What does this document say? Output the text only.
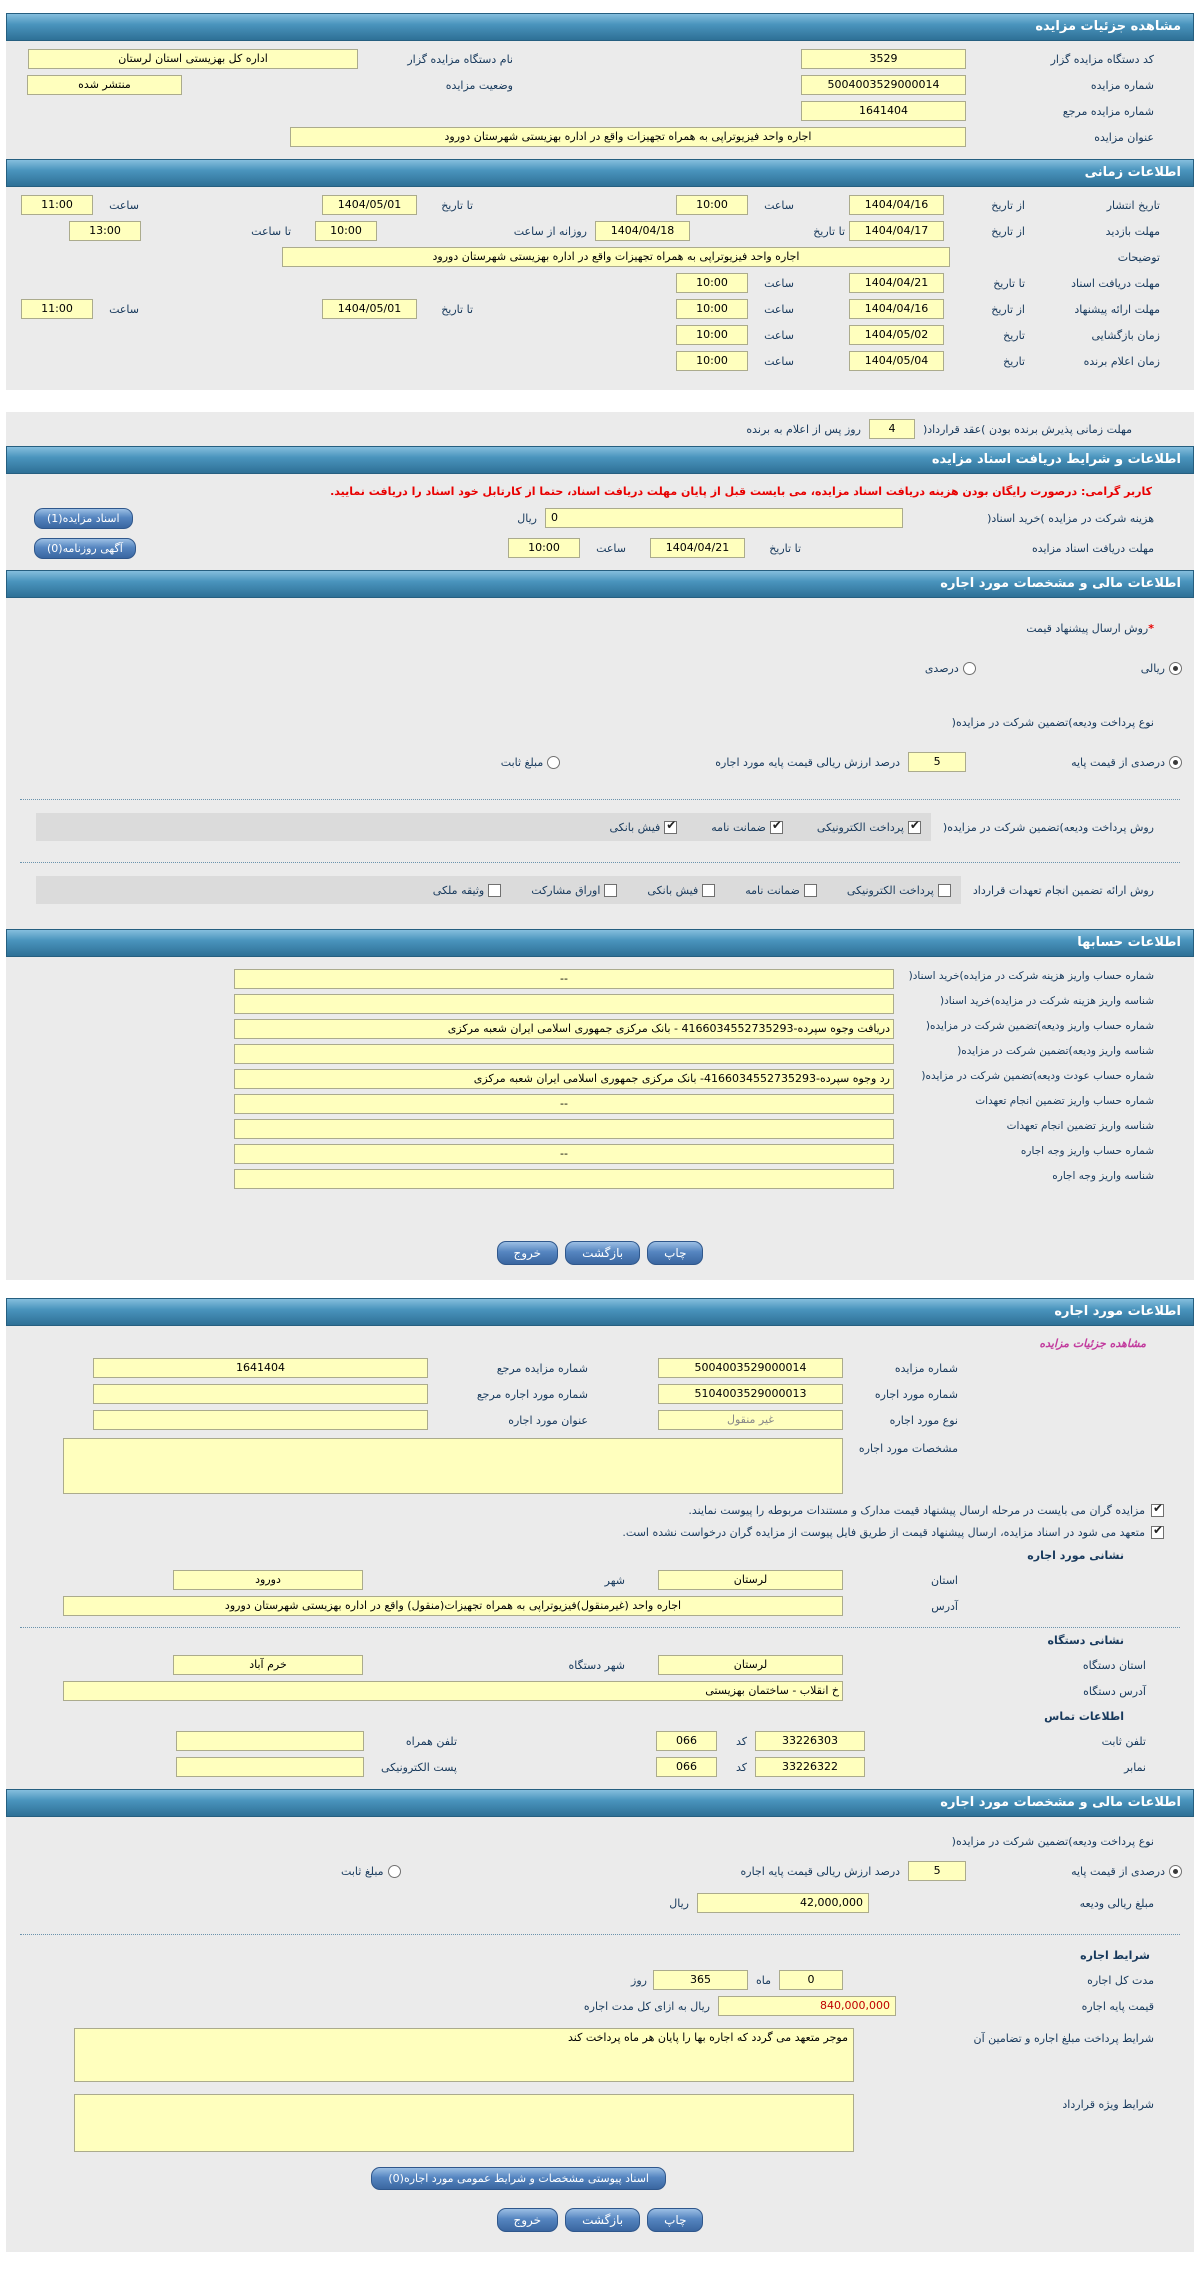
مشاهده جزئیات مزایده
کد دستگاه مزایده گزار
3529
نام دستگاه مزایده گزار
اداره کل بهزیستی استان لرستان
شماره مزایده
5004003529000014
وضعیت مزایده
منتشر شده
شماره مزایده مرجع
1641404
عنوان مزایده
اجاره واحد فیزیوتراپی به همراه تجهیزات واقع در اداره بهزیستی شهرستان دورود
اطلاعات زمانی
تاریخ انتشار
از تاریخ
1404/04/16
ساعت
10:00
تا تاریخ
1404/05/01
ساعت
11:00
مهلت بازدید
از تاریخ
1404/04/17
تا تاریخ
1404/04/18
روزانه از ساعت
10:00
تا ساعت
13:00
توضیحات
اجاره واحد فیزیوتراپی به همراه تجهیزات واقع در اداره بهزیستی شهرستان دورود
مهلت دریافت اسناد
تا تاریخ
1404/04/21
ساعت
10:00
مهلت ارائه پیشنهاد
از تاریخ
1404/04/16
ساعت
10:00
تا تاریخ
1404/05/01
ساعت
11:00
زمان بازگشایی
تاریخ
1404/05/02
ساعت
10:00
زمان اعلام برنده
تاریخ
1404/05/04
ساعت
10:00
مهلت زمانی پذیرش برنده بودن )عقد قرارداد(
4
روز پس از اعلام به برنده
اطلاعات و شرایط دریافت اسناد مزایده
کاربر گرامی: درصورت رایگان بودن هزینه دریافت اسناد مزایده، می بایست قبل از پایان مهلت دریافت اسناد، حتما از کارتابل خود اسناد را دریافت نمایید.
هزینه شرکت در مزایده )خرید اسناد(
0
ریال
اسناد مزایده(1)
مهلت دریافت اسناد مزایده
تا تاریخ
1404/04/21
ساعت
10:00
آگهی روزنامه(0)
اطلاعات مالی و مشخصات مورد اجاره
*
روش ارسال پیشنهاد قیمت
ریالی
درصدی
نوع پرداخت ودیعه)تضمین شرکت در مزایده(
درصدی از قیمت پایه
5
درصد ارزش ریالی قیمت پایه مورد اجاره
مبلغ ثابت
روش پرداخت ودیعه)تضمین شرکت در مزایده(
✔
پرداخت الکترونیکی
✔
ضمانت نامه
✔
فیش بانکی
روش ارائه تضمین انجام تعهدات قرارداد
پرداخت الکترونیکی
ضمانت نامه
فیش بانکی
اوراق مشارکت
وثیقه ملکی
اطلاعات حسابها
شماره حساب واریز هزینه شرکت در مزایده)خرید اسناد(
--
شناسه واریز هزینه شرکت در مزایده)خرید اسناد(
شماره حساب واریز ودیعه)تضمین شرکت در مزایده(
دریافت وجوه سپرده-4166034552735293 - بانک مرکزی جمهوری اسلامی ایران شعبه مرکزی
شناسه واریز ودیعه)تضمین شرکت در مزایده(
شماره حساب عودت ودیعه)تضمین شرکت در مزایده(
رد وجوه سپرده-4166034552735293- بانک مرکزی جمهوری اسلامی ایران شعبه مرکزی
شماره حساب واریز تضمین انجام تعهدات
--
شناسه واریز تضمین انجام تعهدات
شماره حساب واریز وجه اجاره
--
شناسه واریز وجه اجاره
چاپ
بازگشت
خروج
اطلاعات مورد اجاره
مشاهده جزئیات مزایده
شماره مزایده
5004003529000014
شماره مزایده مرجع
1641404
شماره مورد اجاره
5104003529000013
شماره مورد اجاره مرجع
نوع مورد اجاره
غیر منقول
عنوان مورد اجاره
مشخصات مورد اجاره
✔
مزایده گران می بایست در مرحله ارسال پیشنهاد قیمت مدارک و مستندات مربوطه را پیوست نمایند.
✔
متعهد می شود در اسناد مزایده، ارسال پیشنهاد قیمت از طریق فایل پیوست از مزایده گران درخواست نشده است.
نشانی مورد اجاره
استان
لرستان
شهر
دورود
آدرس
اجاره واحد (غیرمنقول)فیزیوتراپی به همراه تجهیزات(منقول) واقع در اداره بهزیستی شهرستان دورود
نشانی دستگاه
استان دستگاه
لرستان
شهر دستگاه
خرم آباد
آدرس دستگاه
خ انقلاب - ساختمان بهزیستی
اطلاعات تماس
تلفن ثابت
33226303
کد
066
تلفن همراه
نمابر
33226322
کد
066
پست الکترونیکی
اطلاعات مالی و مشخصات مورد اجاره
نوع پرداخت ودیعه)تضمین شرکت در مزایده(
درصدی از قیمت پایه
5
درصد ارزش ریالی قیمت پایه اجاره
مبلغ ثابت
مبلغ ریالی ودیعه
42,000,000
ریال
شرایط اجاره
مدت کل اجاره
0
ماه
365
روز
قیمت پایه اجاره
840,000,000
ریال به ازای کل مدت اجاره
شرایط پرداخت مبلغ اجاره و تضامین آن
موجر متعهد می گردد که اجاره بها را پایان هر ماه پرداخت کند
شرایط ویژه قرارداد
اسناد پیوستی مشخصات و شرایط عمومی مورد اجاره(0)
چاپ
بازگشت
خروج
